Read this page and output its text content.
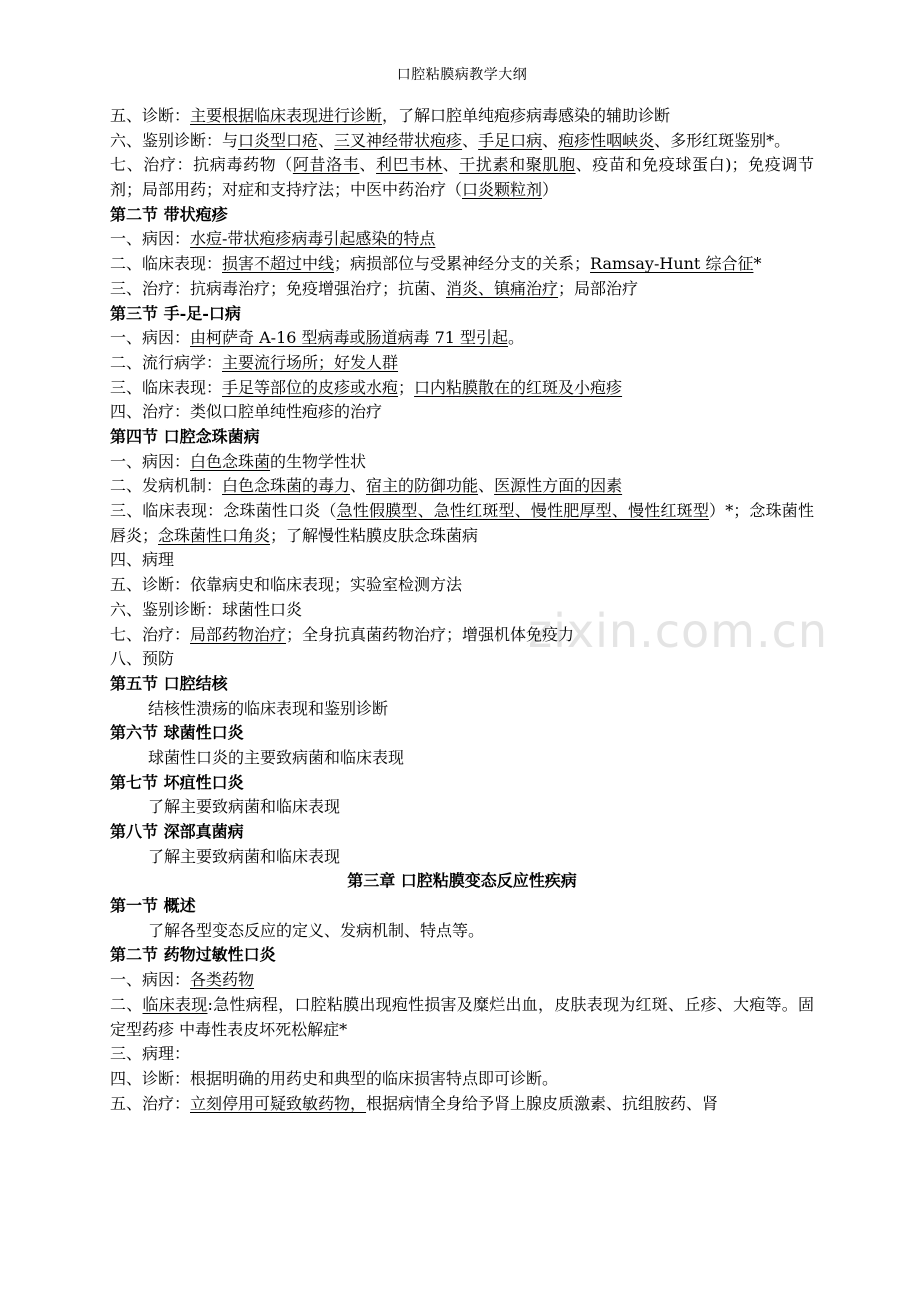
zixin.com.cn
口腔粘膜病教学大纲
五、诊断：主要根据临床表现进行诊断，了解口腔单纯疱疹病毒感染的辅助诊断
六、鉴别诊断：与口炎型口疮、三叉神经带状疱疹、手足口病、疱疹性咽峡炎、多形红斑鉴别*。
七、治疗：抗病毒药物（阿昔洛韦、利巴韦林、干扰素和聚肌胞、疫苗和免疫球蛋白)；免疫调节剂；局部用药；对症和支持疗法；中医中药治疗（口炎颗粒剂）
第二节 带状疱疹
一、病因：水痘-带状疱疹病毒引起感染的特点
二、临床表现：损害不超过中线；病损部位与受累神经分支的关系；Ramsay-Hunt 综合征*
三、治疗：抗病毒治疗；免疫增强治疗；抗菌、消炎、镇痛治疗；局部治疗
第三节 手-足-口病
一、病因：由柯萨奇 A-16 型病毒或肠道病毒 71 型引起。
二、流行病学：主要流行场所；好发人群
三、临床表现：手足等部位的皮疹或水疱；口内粘膜散在的红斑及小疱疹
四、治疗：类似口腔单纯性疱疹的治疗
第四节 口腔念珠菌病
一、病因：白色念珠菌的生物学性状
二、发病机制：白色念珠菌的毒力、宿主的防御功能、医源性方面的因素
三、临床表现：念珠菌性口炎（急性假膜型、急性红斑型、慢性肥厚型、慢性红斑型）*；念珠菌性唇炎；念珠菌性口角炎；了解慢性粘膜皮肤念珠菌病
四、病理
五、诊断：依靠病史和临床表现；实验室检测方法
六、鉴别诊断：球菌性口炎
七、治疗：局部药物治疗；全身抗真菌药物治疗；增强机体免疫力
八、预防
第五节 口腔结核
结核性溃疡的临床表现和鉴别诊断
第六节 球菌性口炎
球菌性口炎的主要致病菌和临床表现
第七节 坏疽性口炎
了解主要致病菌和临床表现
第八节 深部真菌病
了解主要致病菌和临床表现
第三章 口腔粘膜变态反应性疾病
第一节 概述
了解各型变态反应的定义、发病机制、特点等。
第二节 药物过敏性口炎
一、病因：各类药物
二、临床表现:急性病程，口腔粘膜出现疱性损害及糜烂出血，皮肤表现为红斑、丘疹、大疱等。固定型药疹 中毒性表皮坏死松解症*
三、病理：
四、诊断：根据明确的用药史和典型的临床损害特点即可诊断。
五、治疗：立刻停用可疑致敏药物，根据病情全身给予肾上腺皮质激素、抗组胺药、肾
